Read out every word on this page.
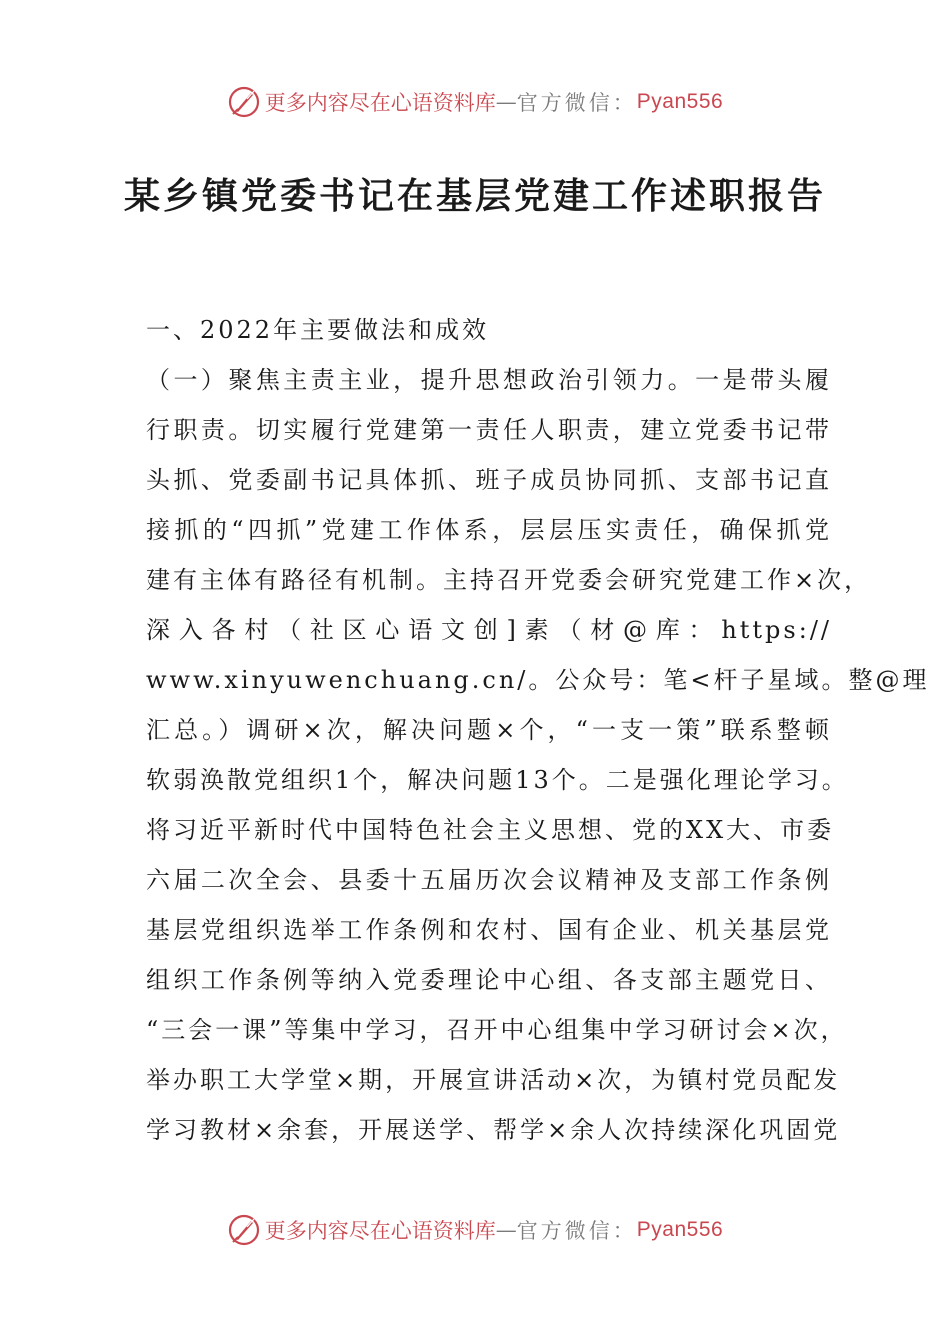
更多内容尽在心语资料库 — 官方微信： Pyan556
某乡镇党委书记在基层党建工作述职报告
一、2022年主要做法和成效
（一）聚焦主责主业，提升思想政治引领力。一是带头履
行职责。切实履行党建第一责任人职责，建立党委书记带
头抓、党委副书记具体抓、班子成员协同抓、支部书记直
接抓的“四抓”党建工作体系，层层压实责任，确保抓党
建有主体有路径有机制。主持召开党委会研究党建工作×次，
深入各村（社区心语文创]素（材@库：https://
www.xinyuwenchuang.cn/。公众号：笔<杆子星域。整@理
汇总。）调研×次，解决问题×个，“一支一策”联系整顿
软弱涣散党组织1个，解决问题13个。二是强化理论学习。
将习近平新时代中国特色社会主义思想、党的XX大、市委
六届二次全会、县委十五届历次会议精神及支部工作条例
基层党组织选举工作条例和农村、国有企业、机关基层党
组织工作条例等纳入党委理论中心组、各支部主题党日、
“三会一课”等集中学习，召开中心组集中学习研讨会×次，
举办职工大学堂×期，开展宣讲活动×次，为镇村党员配发
学习教材×余套，开展送学、帮学×余人次持续深化巩固党
更多内容尽在心语资料库 — 官方微信： Pyan556
